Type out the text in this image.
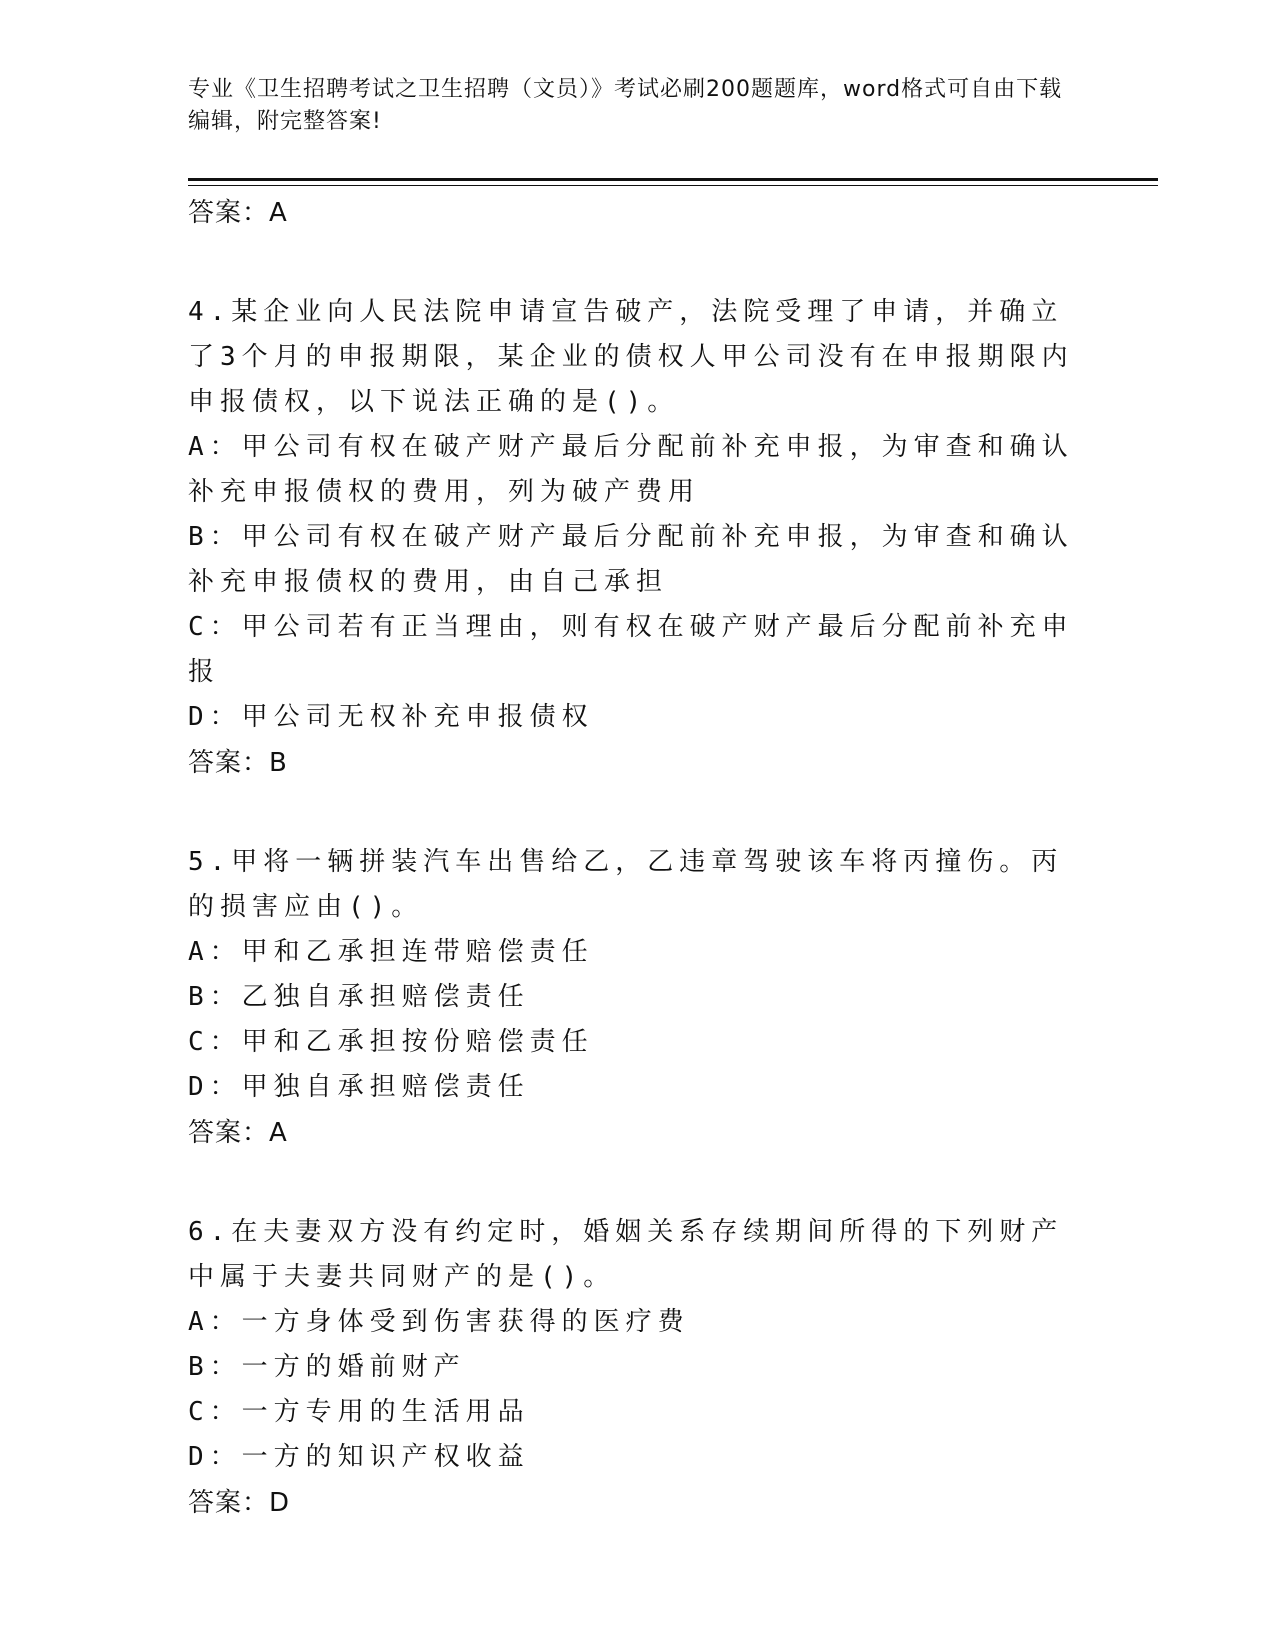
专业《卫生招聘考试之卫生招聘（文员）》考试必刷200题题库，word格式可自由下载编辑，附完整答案!
答案：A
4.某企业向人民法院申请宣告破产，法院受理了申请，并确立了3个月的申报期限，某企业的债权人甲公司没有在申报期限内申报债权，以下说法正确的是()。
A：甲公司有权在破产财产最后分配前补充申报，为审查和确认补充申报债权的费用，列为破产费用
B：甲公司有权在破产财产最后分配前补充申报，为审查和确认补充申报债权的费用，由自己承担
C：甲公司若有正当理由，则有权在破产财产最后分配前补充申报
D：甲公司无权补充申报债权
答案：B
5.甲将一辆拼装汽车出售给乙，乙违章驾驶该车将丙撞伤。丙的损害应由()。
A：甲和乙承担连带赔偿责任
B：乙独自承担赔偿责任
C：甲和乙承担按份赔偿责任
D：甲独自承担赔偿责任
答案：A
6.在夫妻双方没有约定时，婚姻关系存续期间所得的下列财产中属于夫妻共同财产的是()。
A：一方身体受到伤害获得的医疗费
B：一方的婚前财产
C：一方专用的生活用品
D：一方的知识产权收益
答案：D
